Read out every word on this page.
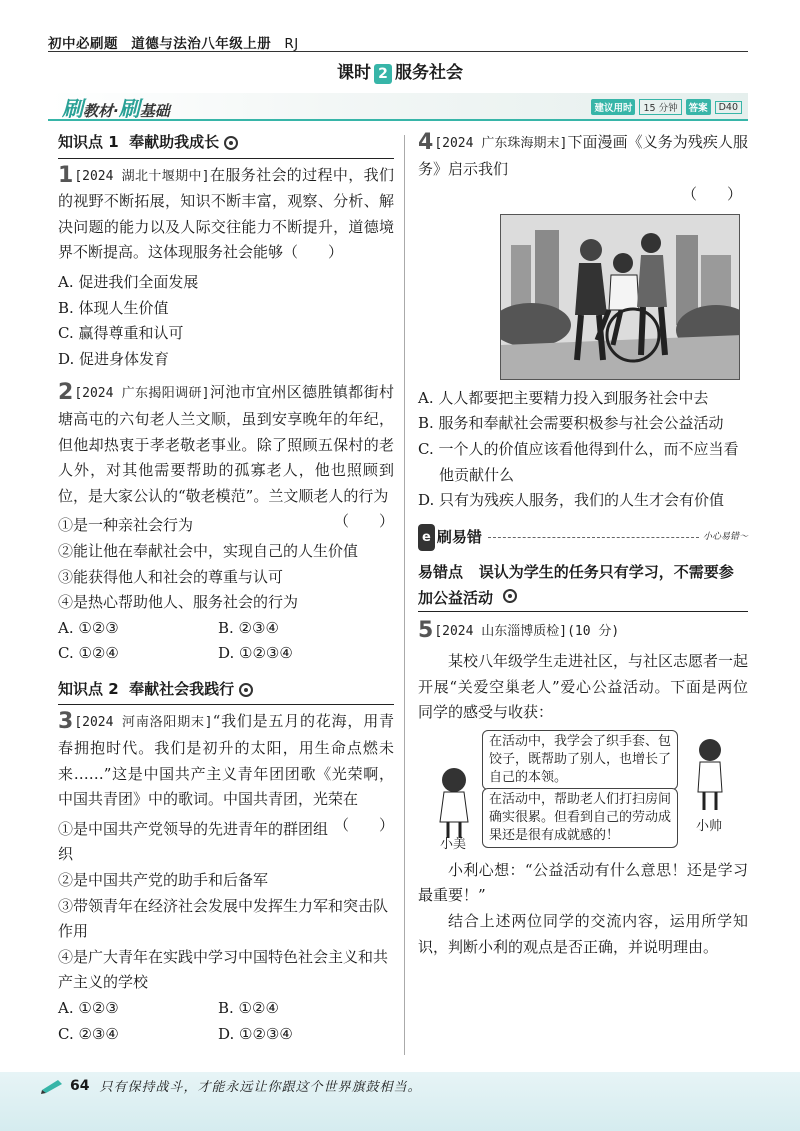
初中必刷题 道德与法治八年级上册 RJ
课时 2 服务社会
刷教材·刷基础	建议用时	15 分钟	答案	D40
知识点 1
奉献助我成长
1[2024 湖北十堰期中]在服务社会的过程中，我们的视野不断拓展，知识不断丰富，观察、分析、解决问题的能力以及人际交往能力不断提升，道德境界不断提高。这体现服务社会能够（　　）
A. 促进我们全面发展
B. 体现人生价值
C. 赢得尊重和认可
D. 促进身体发育
2[2024 广东揭阳调研]河池市宜州区德胜镇都街村塘高屯的六旬老人兰文顺，虽到安享晚年的年纪，但他却热衷于孝老敬老事业。除了照顾五保村的老人外，对其他需要帮助的孤寡老人，他也照顾到位，是大家公认的“敬老模范”。兰文顺老人的行为
（　　）
①是一种亲社会行为
②能让他在奉献社会中，实现自己的人生价值
③能获得他人和社会的尊重与认可
④是热心帮助他人、服务社会的行为
A. ①②③	B. ②③④
C. ①②④	D. ①②③④
知识点 2
奉献社会我践行
3[2024 河南洛阳期末]“我们是五月的花海，用青春拥抱时代。我们是初升的太阳，用生命点燃未来……”这是中国共产主义青年团团歌《光荣啊，中国共青团》中的歌词。中国共青团，光荣在
（　　）
①是中国共产党领导的先进青年的群团组织
②是中国共产党的助手和后备军
③带领青年在经济社会发展中发挥生力军和突击队作用
④是广大青年在实践中学习中国特色社会主义和共产主义的学校
A. ①②③	B. ①②④
C. ②③④	D. ①②③④
4[2024 广东珠海期末]下面漫画《义务为残疾人服务》启示我们
（　　）
A. 人人都要把主要精力投入到服务社会中去
B. 服务和奉献社会需要积极参与社会公益活动
C. 一个人的价值应该看他得到什么，而不应当看他贡献什么
D. 只有为残疾人服务，我们的人生才会有价值
e 刷易错	小心易错～
易错点 误认为学生的任务只有学习，不需要参加公益活动
5[2024 山东淄博质检](10 分)
某校八年级学生走进社区，与社区志愿者一起开展“关爱空巢老人”爱心公益活动。下面是两位同学的感受与收获：
在活动中，我学会了织手套、包饺子，既帮助了别人，也增长了自己的本领。
在活动中，帮助老人们打扫房间确实很累。但看到自己的劳动成果还是很有成就感的！
小美
小帅
小利心想：“公益活动有什么意思！还是学习最重要！”
结合上述两位同学的交流内容，运用所学知识，判断小利的观点是否正确，并说明理由。
64 只有保持战斗，才能永远让你跟这个世界旗鼓相当。
